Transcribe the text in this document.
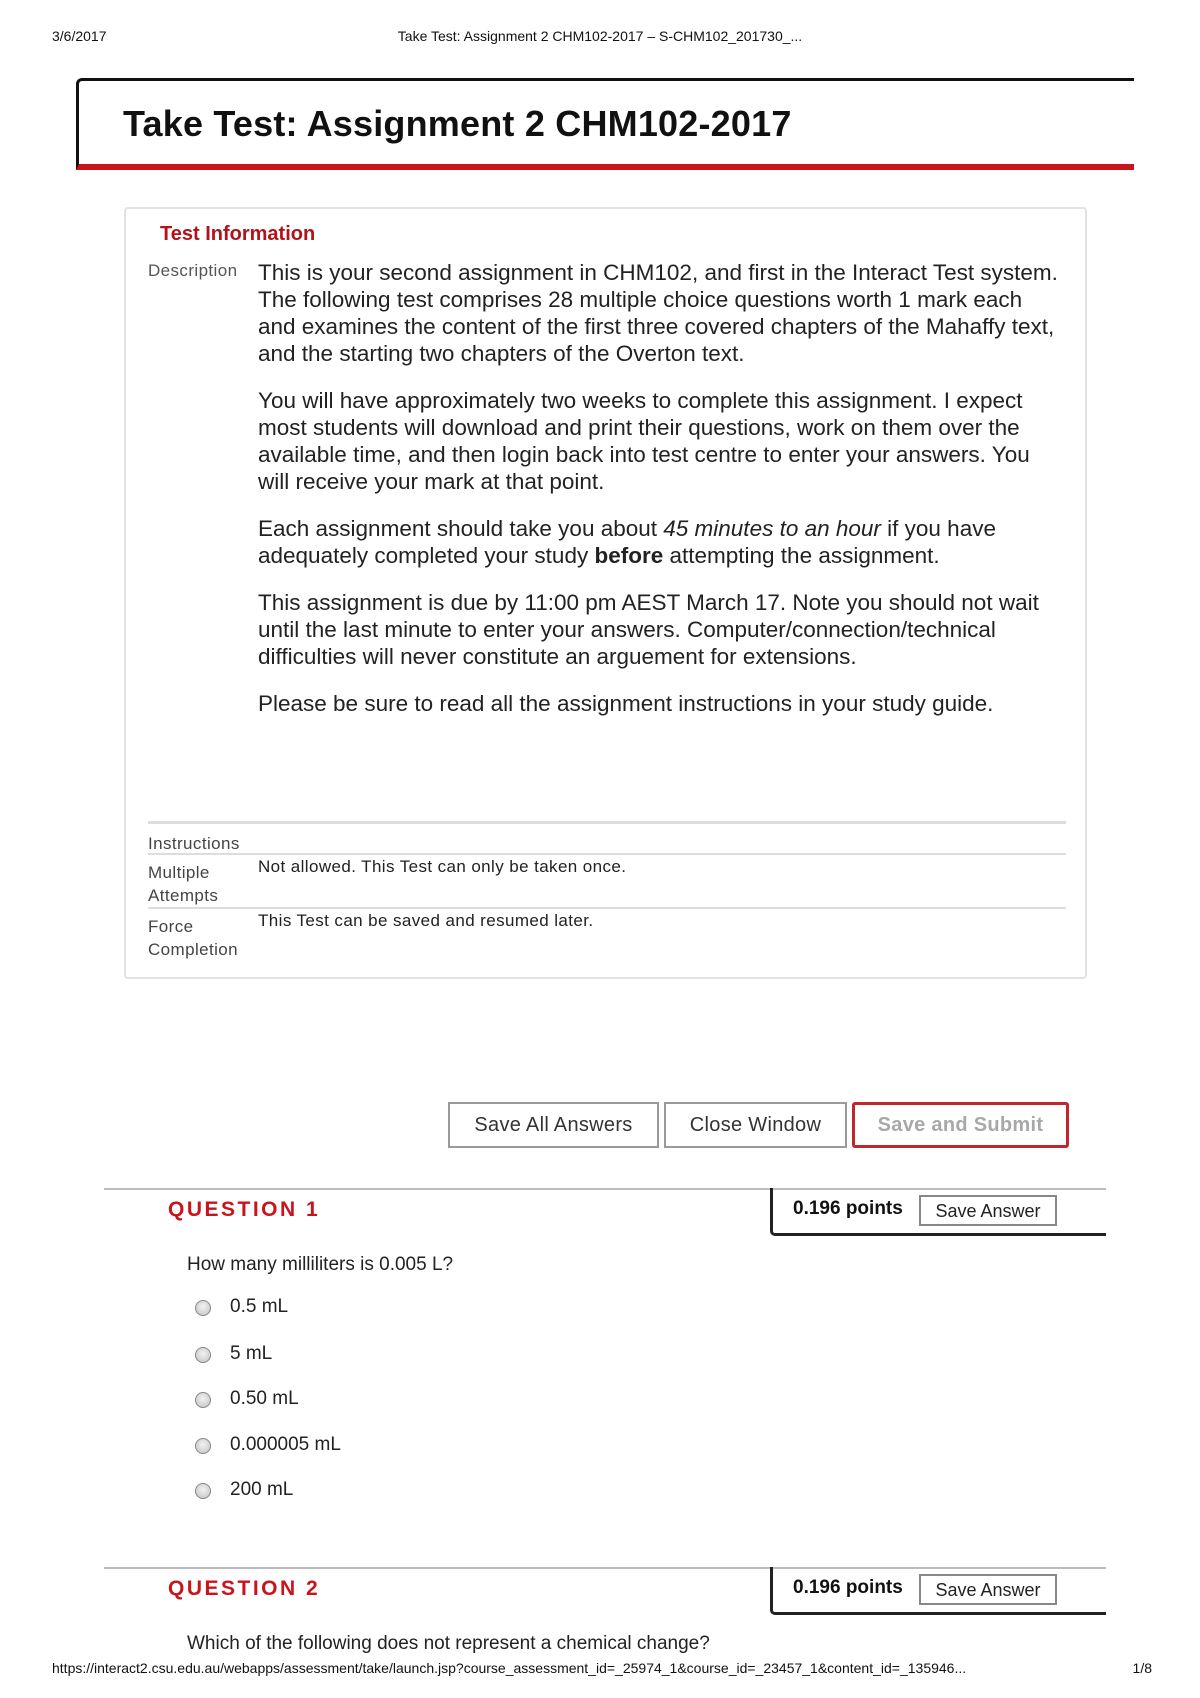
3/6/2017	Take Test: Assignment 2 CHM102-2017 – S-CHM102_201730_...
Take Test: Assignment 2 CHM102-2017
Test Information
Description This is your second assignment in CHM102, and first in the Interact Test system. The following test comprises 28 multiple choice questions worth 1 mark each and examines the content of the first three covered chapters of the Mahaffy text, and the starting two chapters of the Overton text.

You will have approximately two weeks to complete this assignment. I expect most students will download and print their questions, work on them over the available time, and then login back into test centre to enter your answers. You will receive your mark at that point.

Each assignment should take you about 45 minutes to an hour if you have adequately completed your study before attempting the assignment.

This assignment is due by 11:00 pm AEST March 17. Note you should not wait until the last minute to enter your answers. Computer/connection/technical difficulties will never constitute an arguement for extensions.

Please be sure to read all the assignment instructions in your study guide.

Instructions
Multiple Attempts
Not allowed. This Test can only be taken once.
Force Completion
This Test can be saved and resumed later.
Save All Answers	Close Window	Save and Submit
QUESTION 1	0.196 points	Save Answer
How many milliliters is 0.005 L?
0.5 mL
5 mL
0.50 mL
0.000005 mL
200 mL
QUESTION 2	0.196 points	Save Answer
Which of the following does not represent a chemical change?
https://interact2.csu.edu.au/webapps/assessment/take/launch.jsp?course_assessment_id=_25974_1&course_id=_23457_1&content_id=_135946...	1/8
